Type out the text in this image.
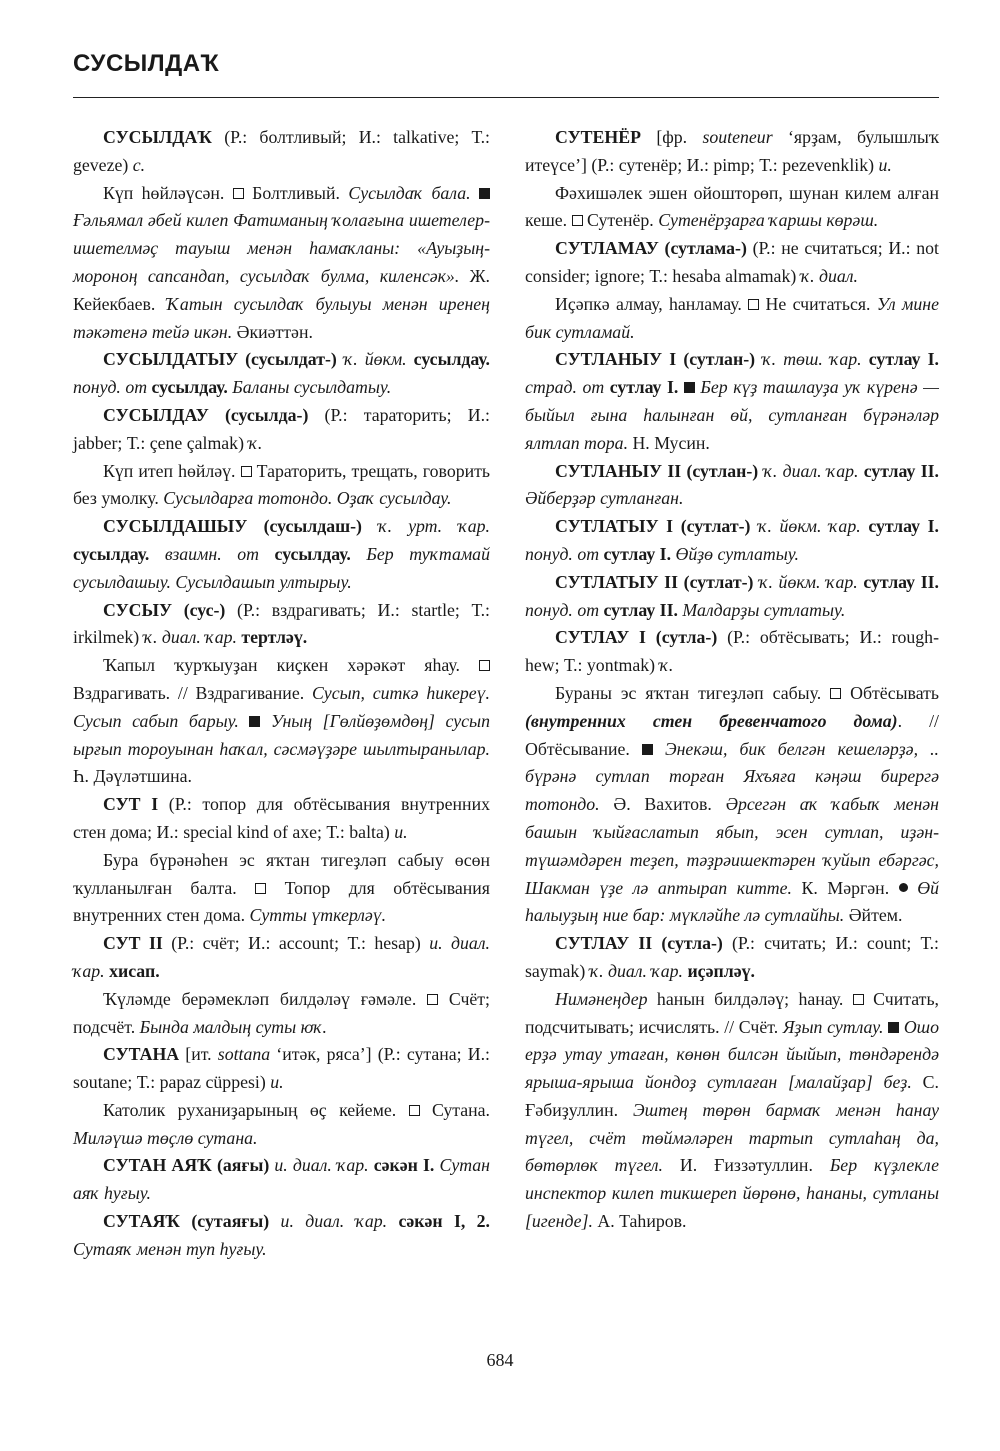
СУСЫЛДАҠ

СУСЫЛДАҠ (Р.: болтливый; И.: talkative; Т.: geveze) с.

Күп һөйләүсән.  Болтливый. Сусылдаҡ бала.  Ғәльямал әбей килеп Фатиманың ҡолағына ишетелер-ишетелмәҫ тауыш менән һамаҡланы: «Ауыҙың-мороноң сапсандап, сусылдаҡ булма, киленсәк». Ж. Кейекбаев. Ҡатын сусылдаҡ булыуы менән иренең тәкәтенә тейә икән. Әкиәттән.

СУСЫЛДАТЫУ (сусылдат-) ҡ. йөкм. сусылдау. понуд. от сусылдау. Баланы сусылдатыу.

СУСЫЛДАУ (сусылда-) (Р.: тараторить; И.: jabber; Т.: çene çalmak) ҡ.

Күп итеп һөйләү.  Тараторить, трещать, говорить без умолку. Сусылдарға тотондо. Оҙаҡ сусылдау.

СУСЫЛДАШЫУ (сусылдаш-) ҡ. урт. ҡар. сусылдау. взаимн. от сусылдау. Бер туҡтамай сусылдашыу. Сусылдашып ултырыу.

СУСЫУ (сус-) (Р.: вздрагивать; И.: startle; Т.: irkilmek) ҡ. диал. ҡар. тертләү.

Ҡапыл ҡурҡыуҙан киҫкен хәрәкәт яһау.  Вздрагивать. // Вздрагивание. Сусып, ситкә һикереү. Сусып сабып барыу. Уның [Гөлйөҙөмдөң] сусып ырғып тороуынан һаҡал, сәсмәүҙәре шылтыранылар. Һ. Дәүләтшина.

СУТ I (Р.: топор для обтёсывания внутренних стен дома; И.: special kind of axe; Т.: balta) и.

Бура бүрәнәһен эс яҡтан тигеҙләп сабыу өсөн ҡулланылған балта.  Топор для обтёсывания внутренних стен дома. Сутты үткерләү.

СУТ II (Р.: счёт; И.: account; Т.: hesap) и. диал. ҡар. хисап.

Ҡүләмде берәмекләп билдәләү ғәмәле.  Счёт; подсчёт. Бында малдың суты юҡ.

СУТАНА [ит. sottana ‘итәк, ряса’] (Р.: сутана; И.: soutane; Т.: papaz cüppesi) и.

Католик руханиҙарының өҫ кейеме.  Сутана. Миләүшә төҫлө сутана.

СУТАН АЯҠ (аяғы) и. диал. ҡар. сәкән I. Сутан аяҡ һуғыу.

СУТАЯҠ (сутаяғы) и. диал. ҡар. сәкән I, 2. Сутаяҡ менән туп һуғыу.

СУТЕНЁР [фр. souteneur ‘ярҙам, булышлыҡ итеүсе’] (Р.: сутенёр; И.: pimp; Т.: pezevenklik) и.

Фәхишәлек эшен ойошторөп, шунан килем алған кеше.  Сутенёр. Сутенёрҙарға ҡаршы көрәш.

СУТЛАМАУ (сутлама-) (Р.: не считаться; И.: not consider; ignore; Т.: hesaba almamak) ҡ. диал.

Иҫәпкә алмау, һанламау.  Не считаться. Ул мине бик сутламай.

СУТЛАНЫУ I (сутлан-) ҡ. төш. ҡар. сутлау I. страд. от сутлау I. Бер күҙ ташлауҙа уҡ күренә — быйыл ғына һалынған өй, сутланған бүрәнәләр ялтлап тора. Н. Мусин.

СУТЛАНЫУ II (сутлан-) ҡ. диал. ҡар. сутлау II. Әйберҙәр сутланған.

СУТЛАТЫУ I (сутлат-) ҡ. йөкм. ҡар. сутлау I. понуд. от сутлау I. Өйҙө сутлатыу.

СУТЛАТЫУ II (сутлат-) ҡ. йөкм. ҡар. сутлау II. понуд. от сутлау II. Малдарҙы сутлатыу.

СУТЛАУ I (сутла-) (Р.: обтёсывать; И.: rough-hew; Т.: yontmak) ҡ.

Бураны эс яҡтан тигеҙләп сабыу.  Обтёсывать (внутренних стен бревенчатого дома). // Обтёсывание.  Энекәш, бик белгән кешеләрҙә, .. бүрәнә сутлап торған Яхъяға кәңәш бирергә тотондо. Ә. Вахитов. Әрсегән аҡ ҡабыҡ менән башын ҡыйғаслатып ябып, эсен сутлап, иҙән-түшәмдәрен теҙеп, тәҙрәишектәрен ҡуйып ебәргәс, Шакман үҙе лә аптырап китте. К. Мәргән.  Өй һалыуҙың ние бар: мүкләйһе лә сутлайһы. Әйтем.

СУТЛАУ II (сутла-) (Р.: считать; И.: count; Т.: saymak) ҡ. диал. ҡар. иҫәпләү.

Нимәнеңдер һанын билдәләү; һанау.  Считать, подсчитывать; исчислять. // Счёт. Яҙып сутлау. Ошо ерҙә утау утаған, көнөн билсән йыйып, төндәрендә ярыша-ярыша йондоҙ сутлаған [малайҙар] беҙ. С. Ғәбиҙуллин. Эштең төрөн бармаҡ менән һанау түгел, счёт төймәләрен тартып сутлаһаң да, бөтөрлөк түгел. И. Ғиззәтуллин. Бер күҙлекле инспектор килеп тикшереп йөрөнө, һананы, сутланы [игенде]. А. Таһиров.

684
